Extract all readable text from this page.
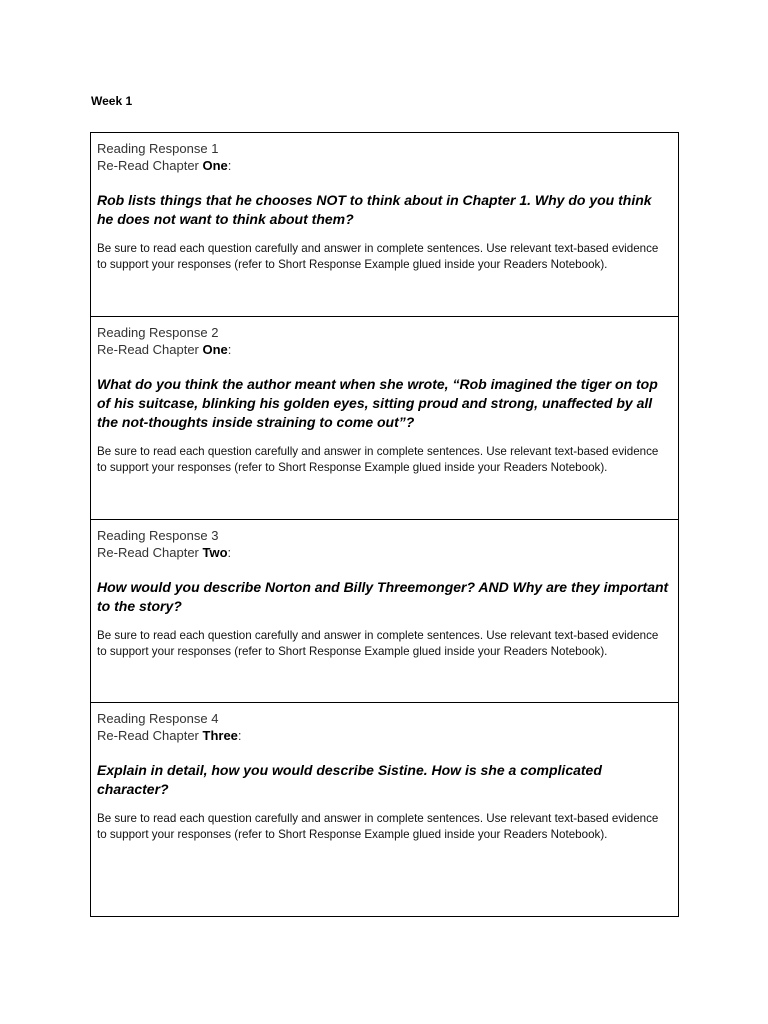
Week 1
Reading Response 1
Re-Read Chapter One:
Rob lists things that he chooses NOT to think about in Chapter 1. Why do you think he does not want to think about them?
Be sure to read each question carefully and answer in complete sentences. Use relevant text-based evidence to support your responses (refer to Short Response Example glued inside your Readers Notebook).
Reading Response 2
Re-Read Chapter One:
What do you think the author meant when she wrote, “Rob imagined the tiger on top of his suitcase, blinking his golden eyes, sitting proud and strong, unaffected by all the not-thoughts inside straining to come out”?
Be sure to read each question carefully and answer in complete sentences. Use relevant text-based evidence to support your responses (refer to Short Response Example glued inside your Readers Notebook).
Reading Response 3
Re-Read Chapter Two:
How would you describe Norton and Billy Threemonger? AND Why are they important to the story?
Be sure to read each question carefully and answer in complete sentences. Use relevant text-based evidence to support your responses (refer to Short Response Example glued inside your Readers Notebook).
Reading Response 4
Re-Read Chapter Three:
Explain in detail, how you would describe Sistine. How is she a complicated character?
Be sure to read each question carefully and answer in complete sentences. Use relevant text-based evidence to support your responses (refer to Short Response Example glued inside your Readers Notebook).
